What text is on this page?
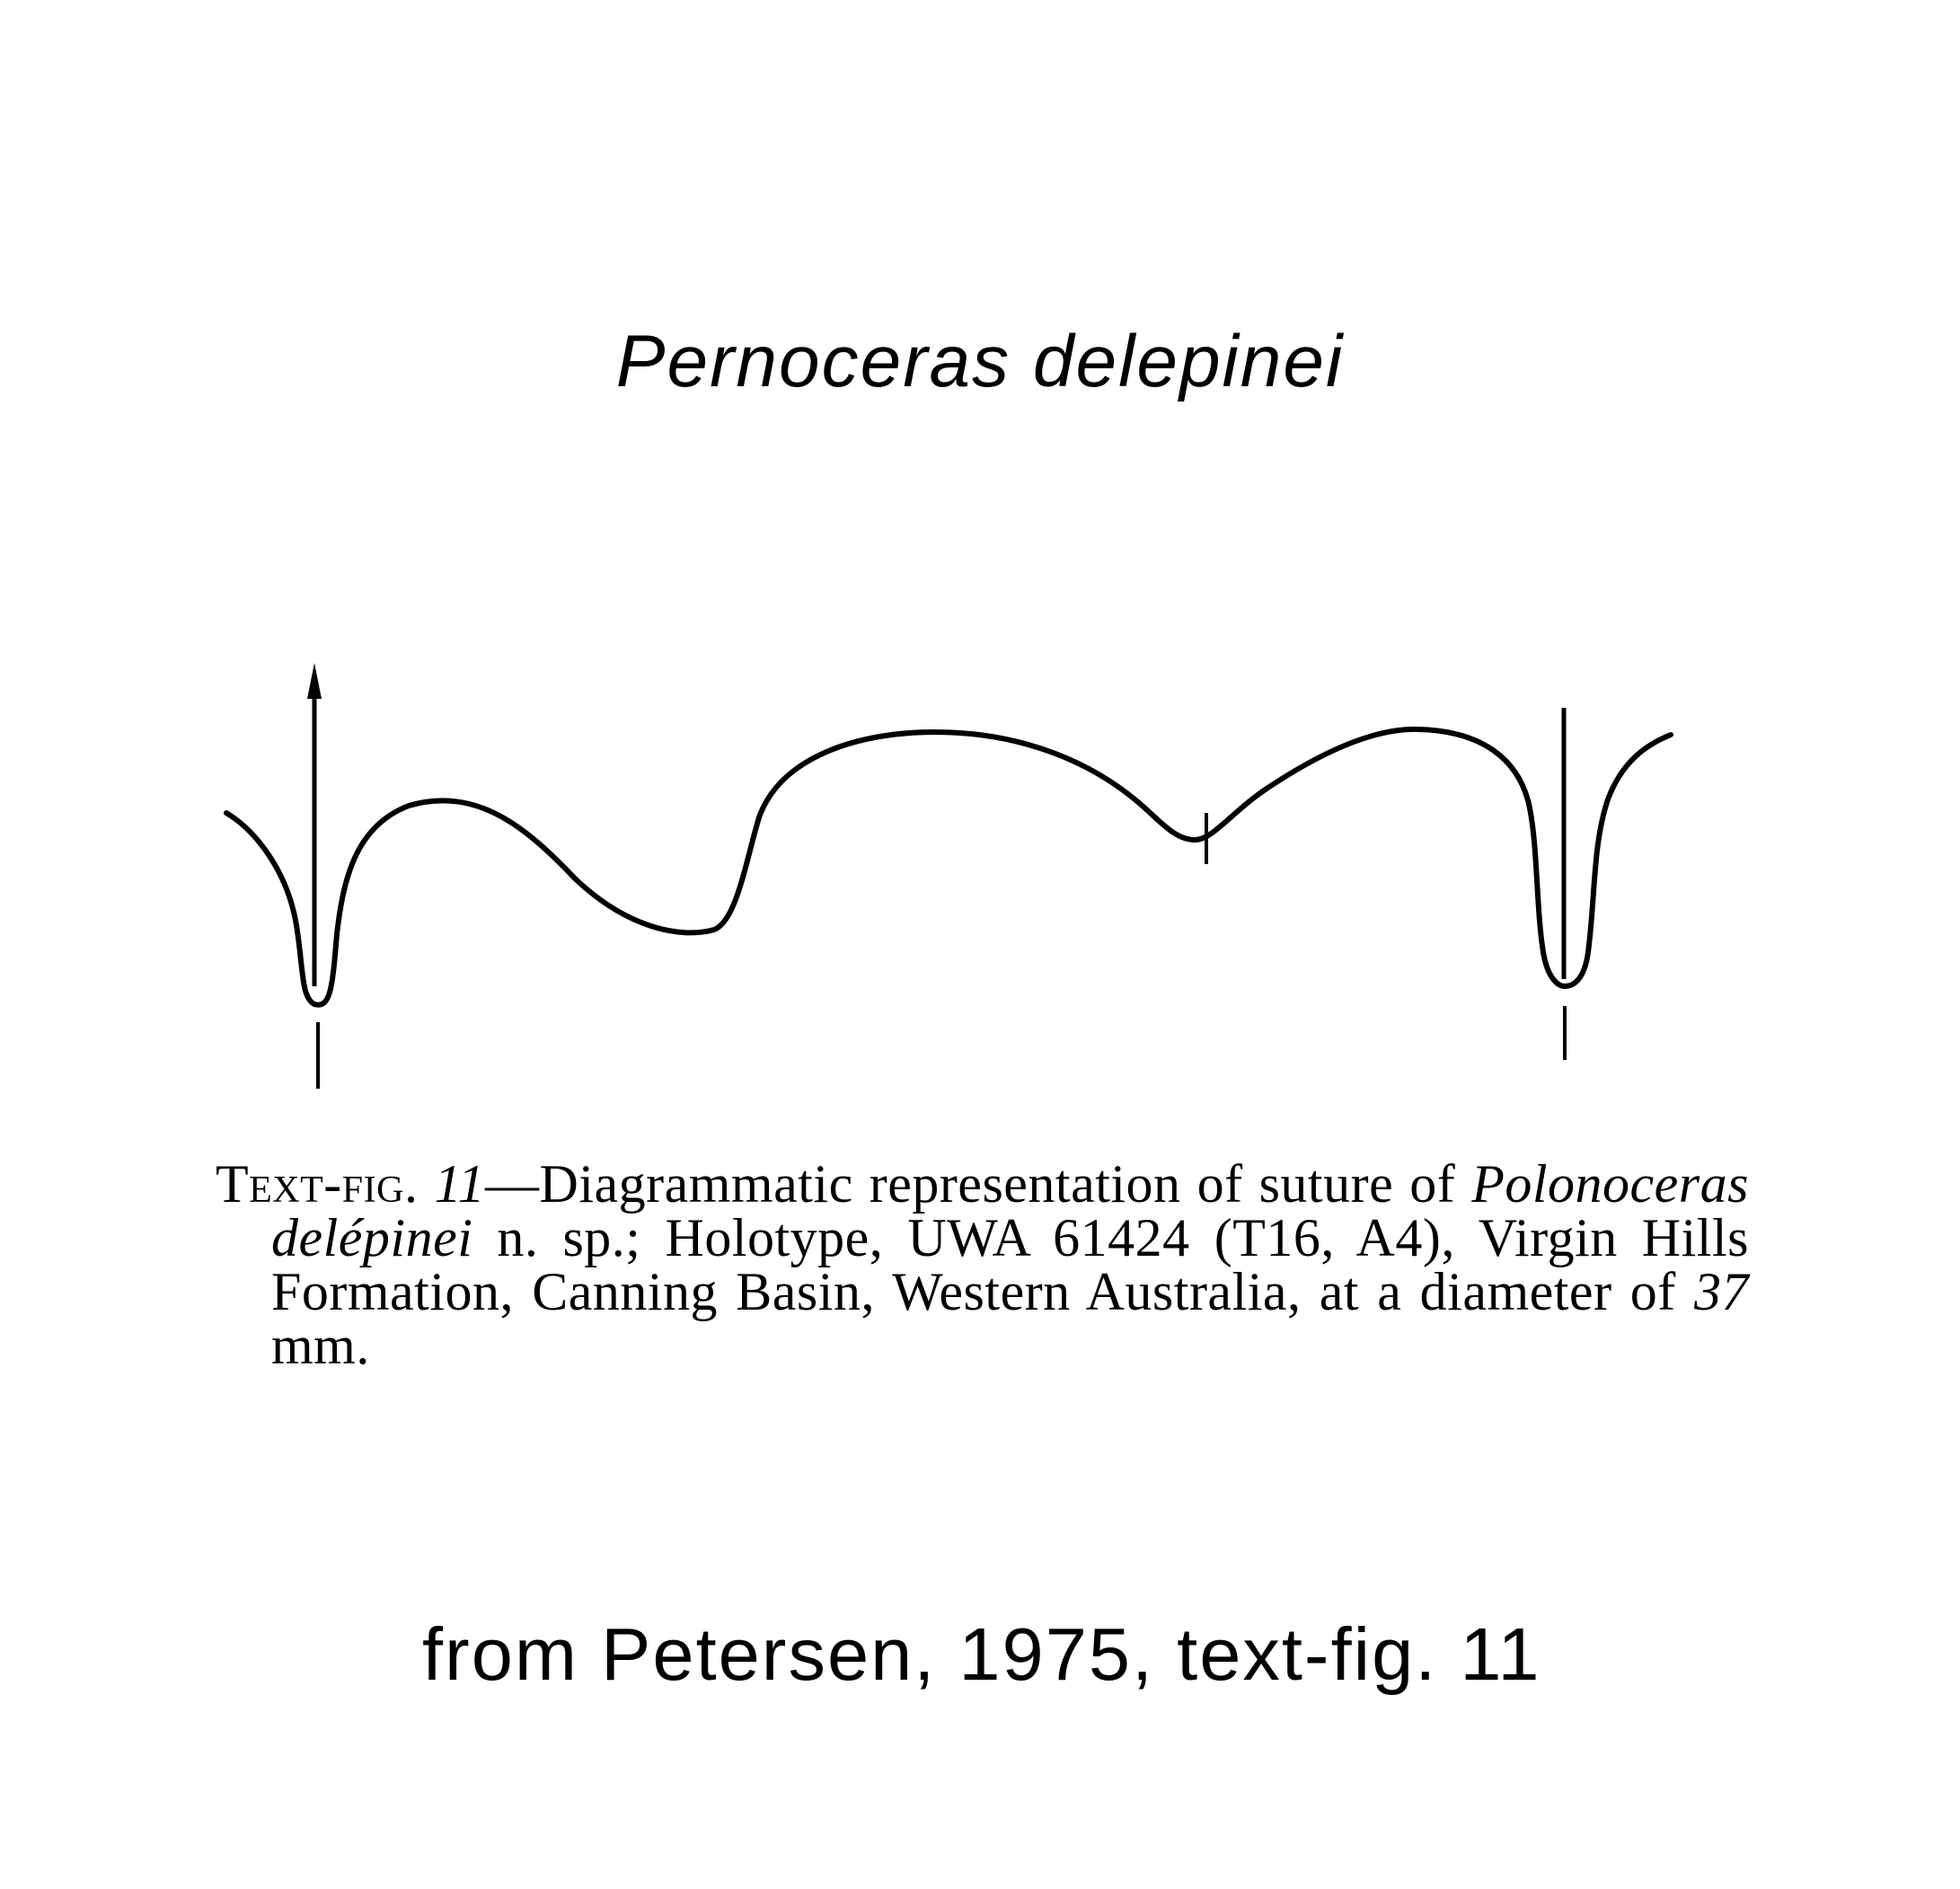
Pernoceras delepinei
Text-fig. 11—Diagrammatic representation of suture of Polonoceras delépinei n. sp.; Holotype, UWA 61424 (T16, A4), Virgin Hills Formation, Canning Basin, Western Australia, at a diameter of 37 mm.
from Petersen, 1975, text-fig. 11
